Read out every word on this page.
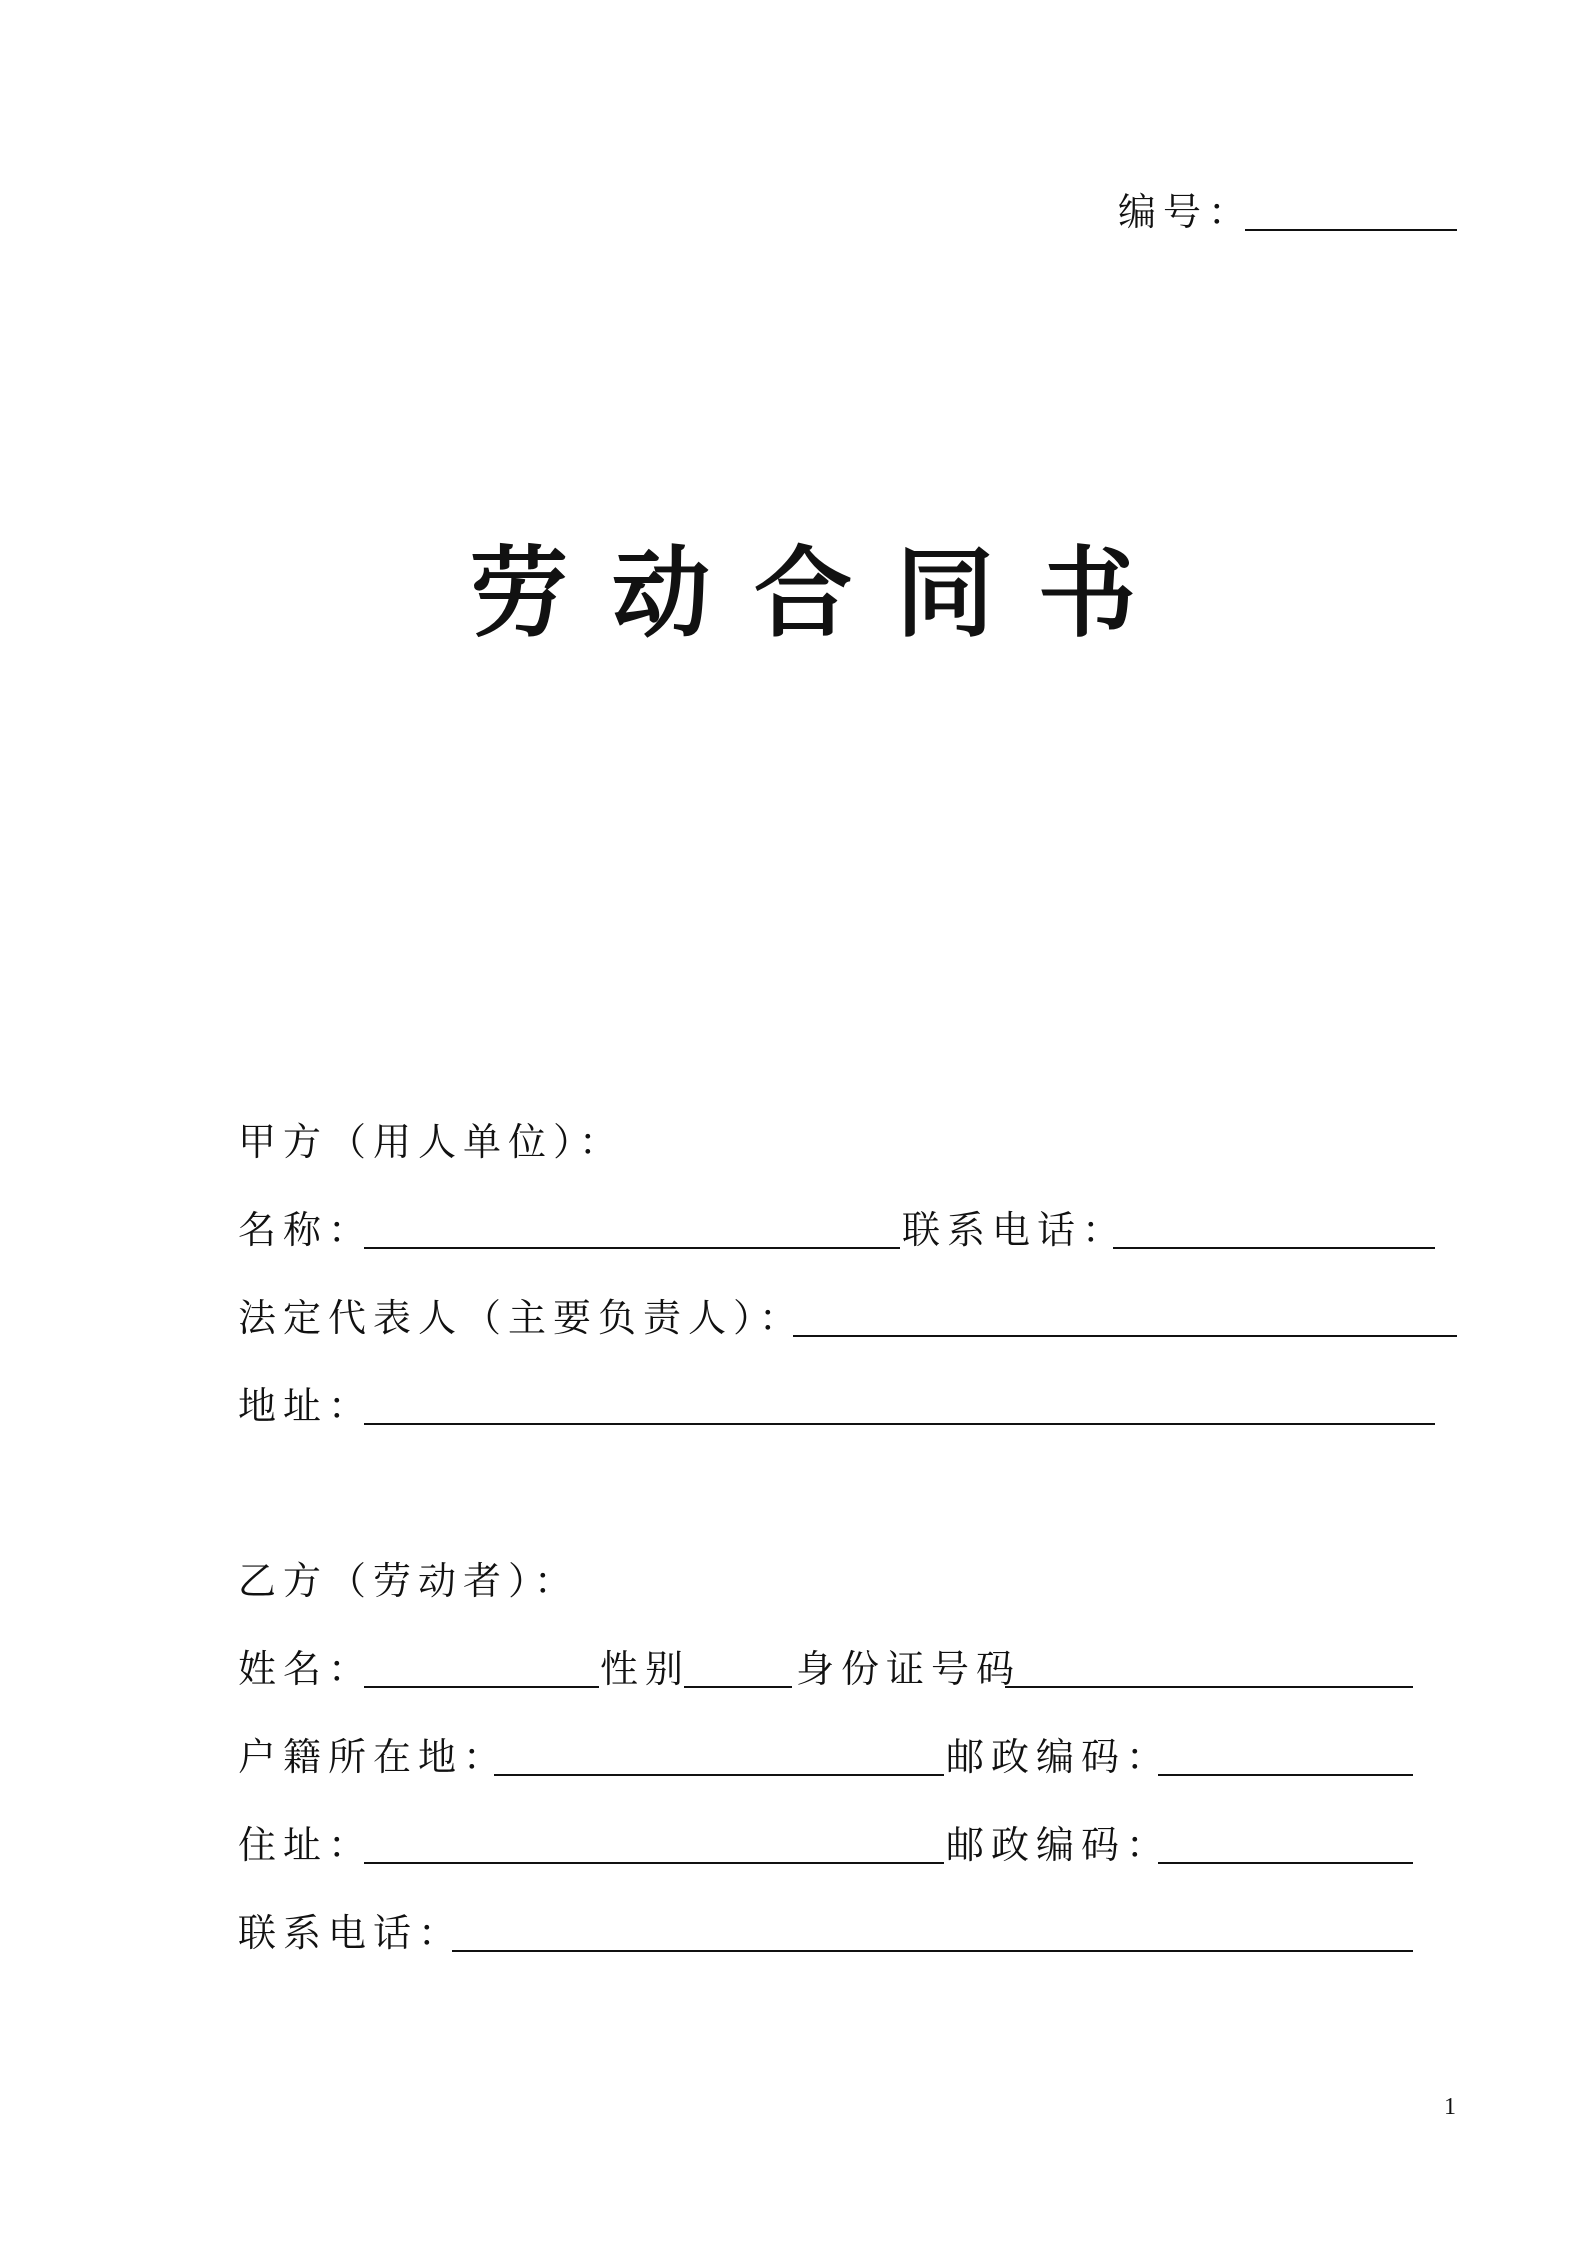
编号：
劳动合同书
甲方（用人单位）：
名称：	联系电话：
法定代表人（主要负责人）：
地址：
乙方（劳动者）：
姓名：	性别	身份证号码
户籍所在地：	邮政编码：
住址：	邮政编码：
联系电话：
1
